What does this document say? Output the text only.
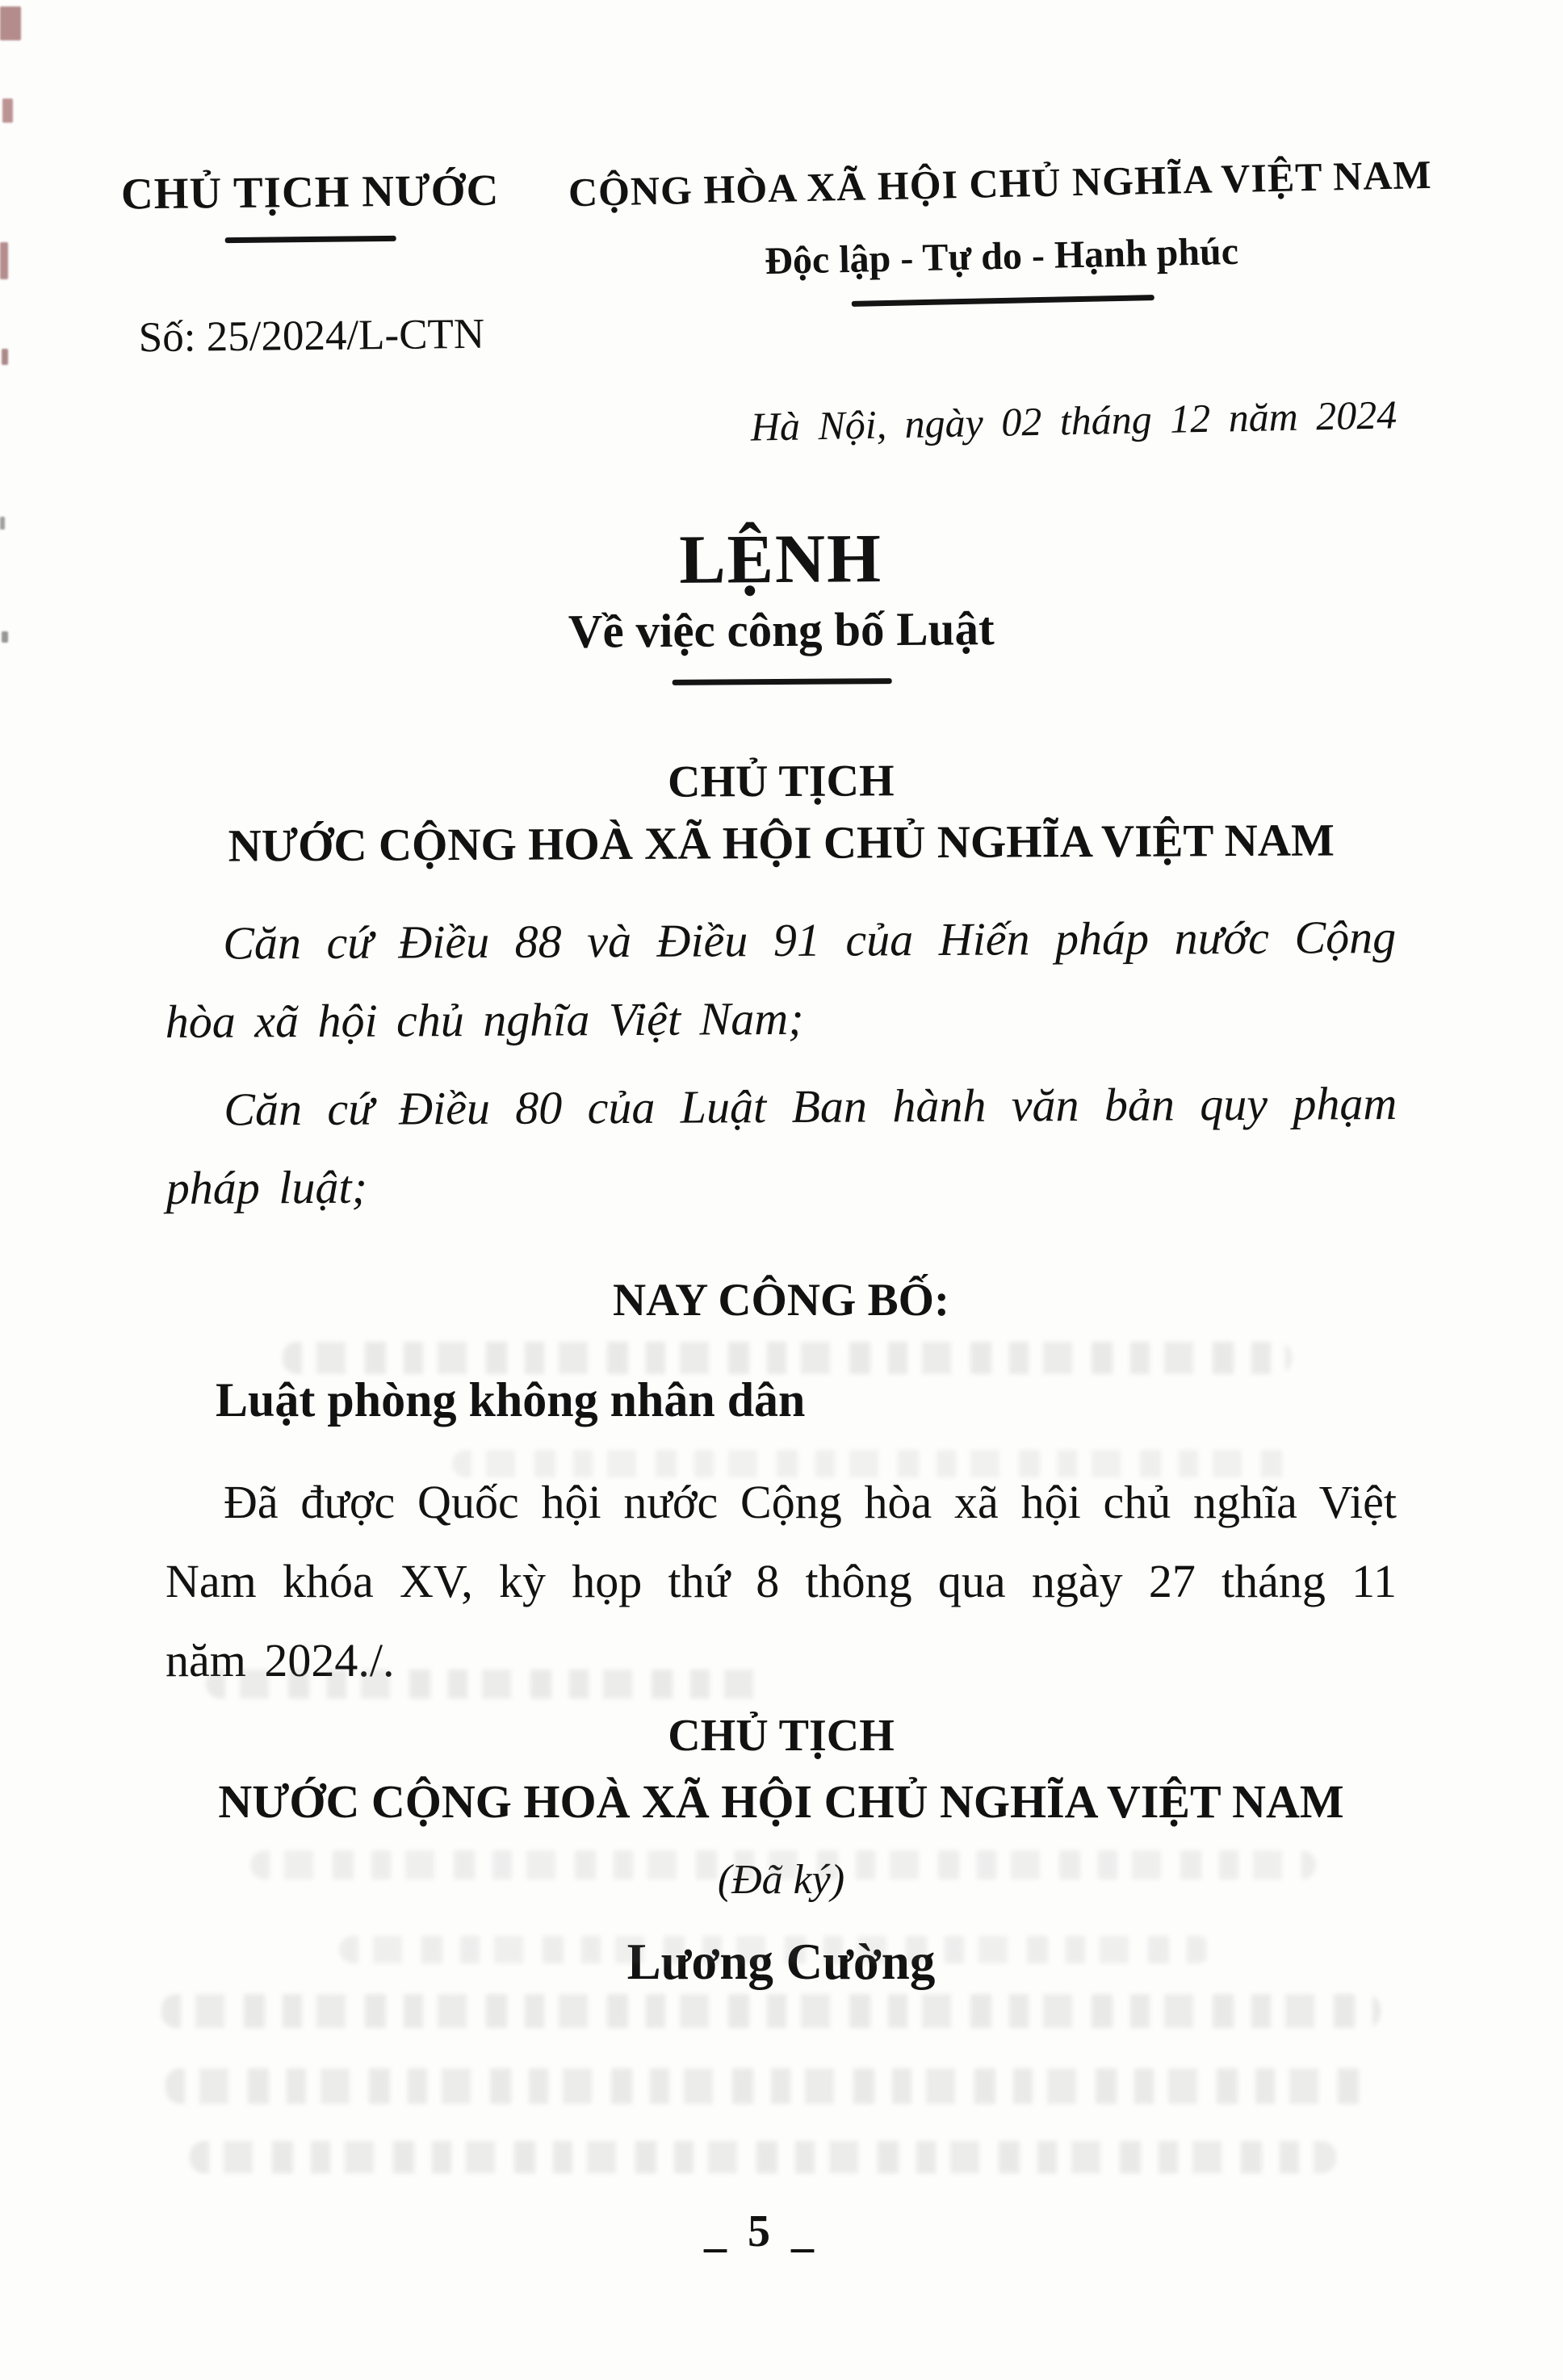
CHỦ TỊCH NƯỚC
Số: 25/2024/L-CTN
CỘNG HÒA XÃ HỘI CHỦ NGHĨA VIỆT NAM
Độc lập - Tự do - Hạnh phúc
Hà Nội, ngày 02 tháng 12 năm 2024
LỆNH
Về việc công bố Luật
CHỦ TỊCH
NƯỚC CỘNG HOÀ XÃ HỘI CHỦ NGHĨA VIỆT NAM

Căn cứ Điều 88 và Điều 91 của Hiến pháp nước Cộng hòa xã hội chủ nghĩa Việt Nam;

Căn cứ Điều 80 của Luật Ban hành văn bản quy phạm pháp luật;

NAY CÔNG BỐ:
Luật phòng không nhân dân
Đã được Quốc hội nước Cộng hòa xã hội chủ nghĩa Việt Nam khóa XV, kỳ họp thứ 8 thông qua ngày 27 tháng 11 năm 2024./.
CHỦ TỊCH
NƯỚC CỘNG HOÀ XÃ HỘI CHỦ NGHĨA VIỆT NAM
(Đã ký)
Lương Cường
_ 5 _
